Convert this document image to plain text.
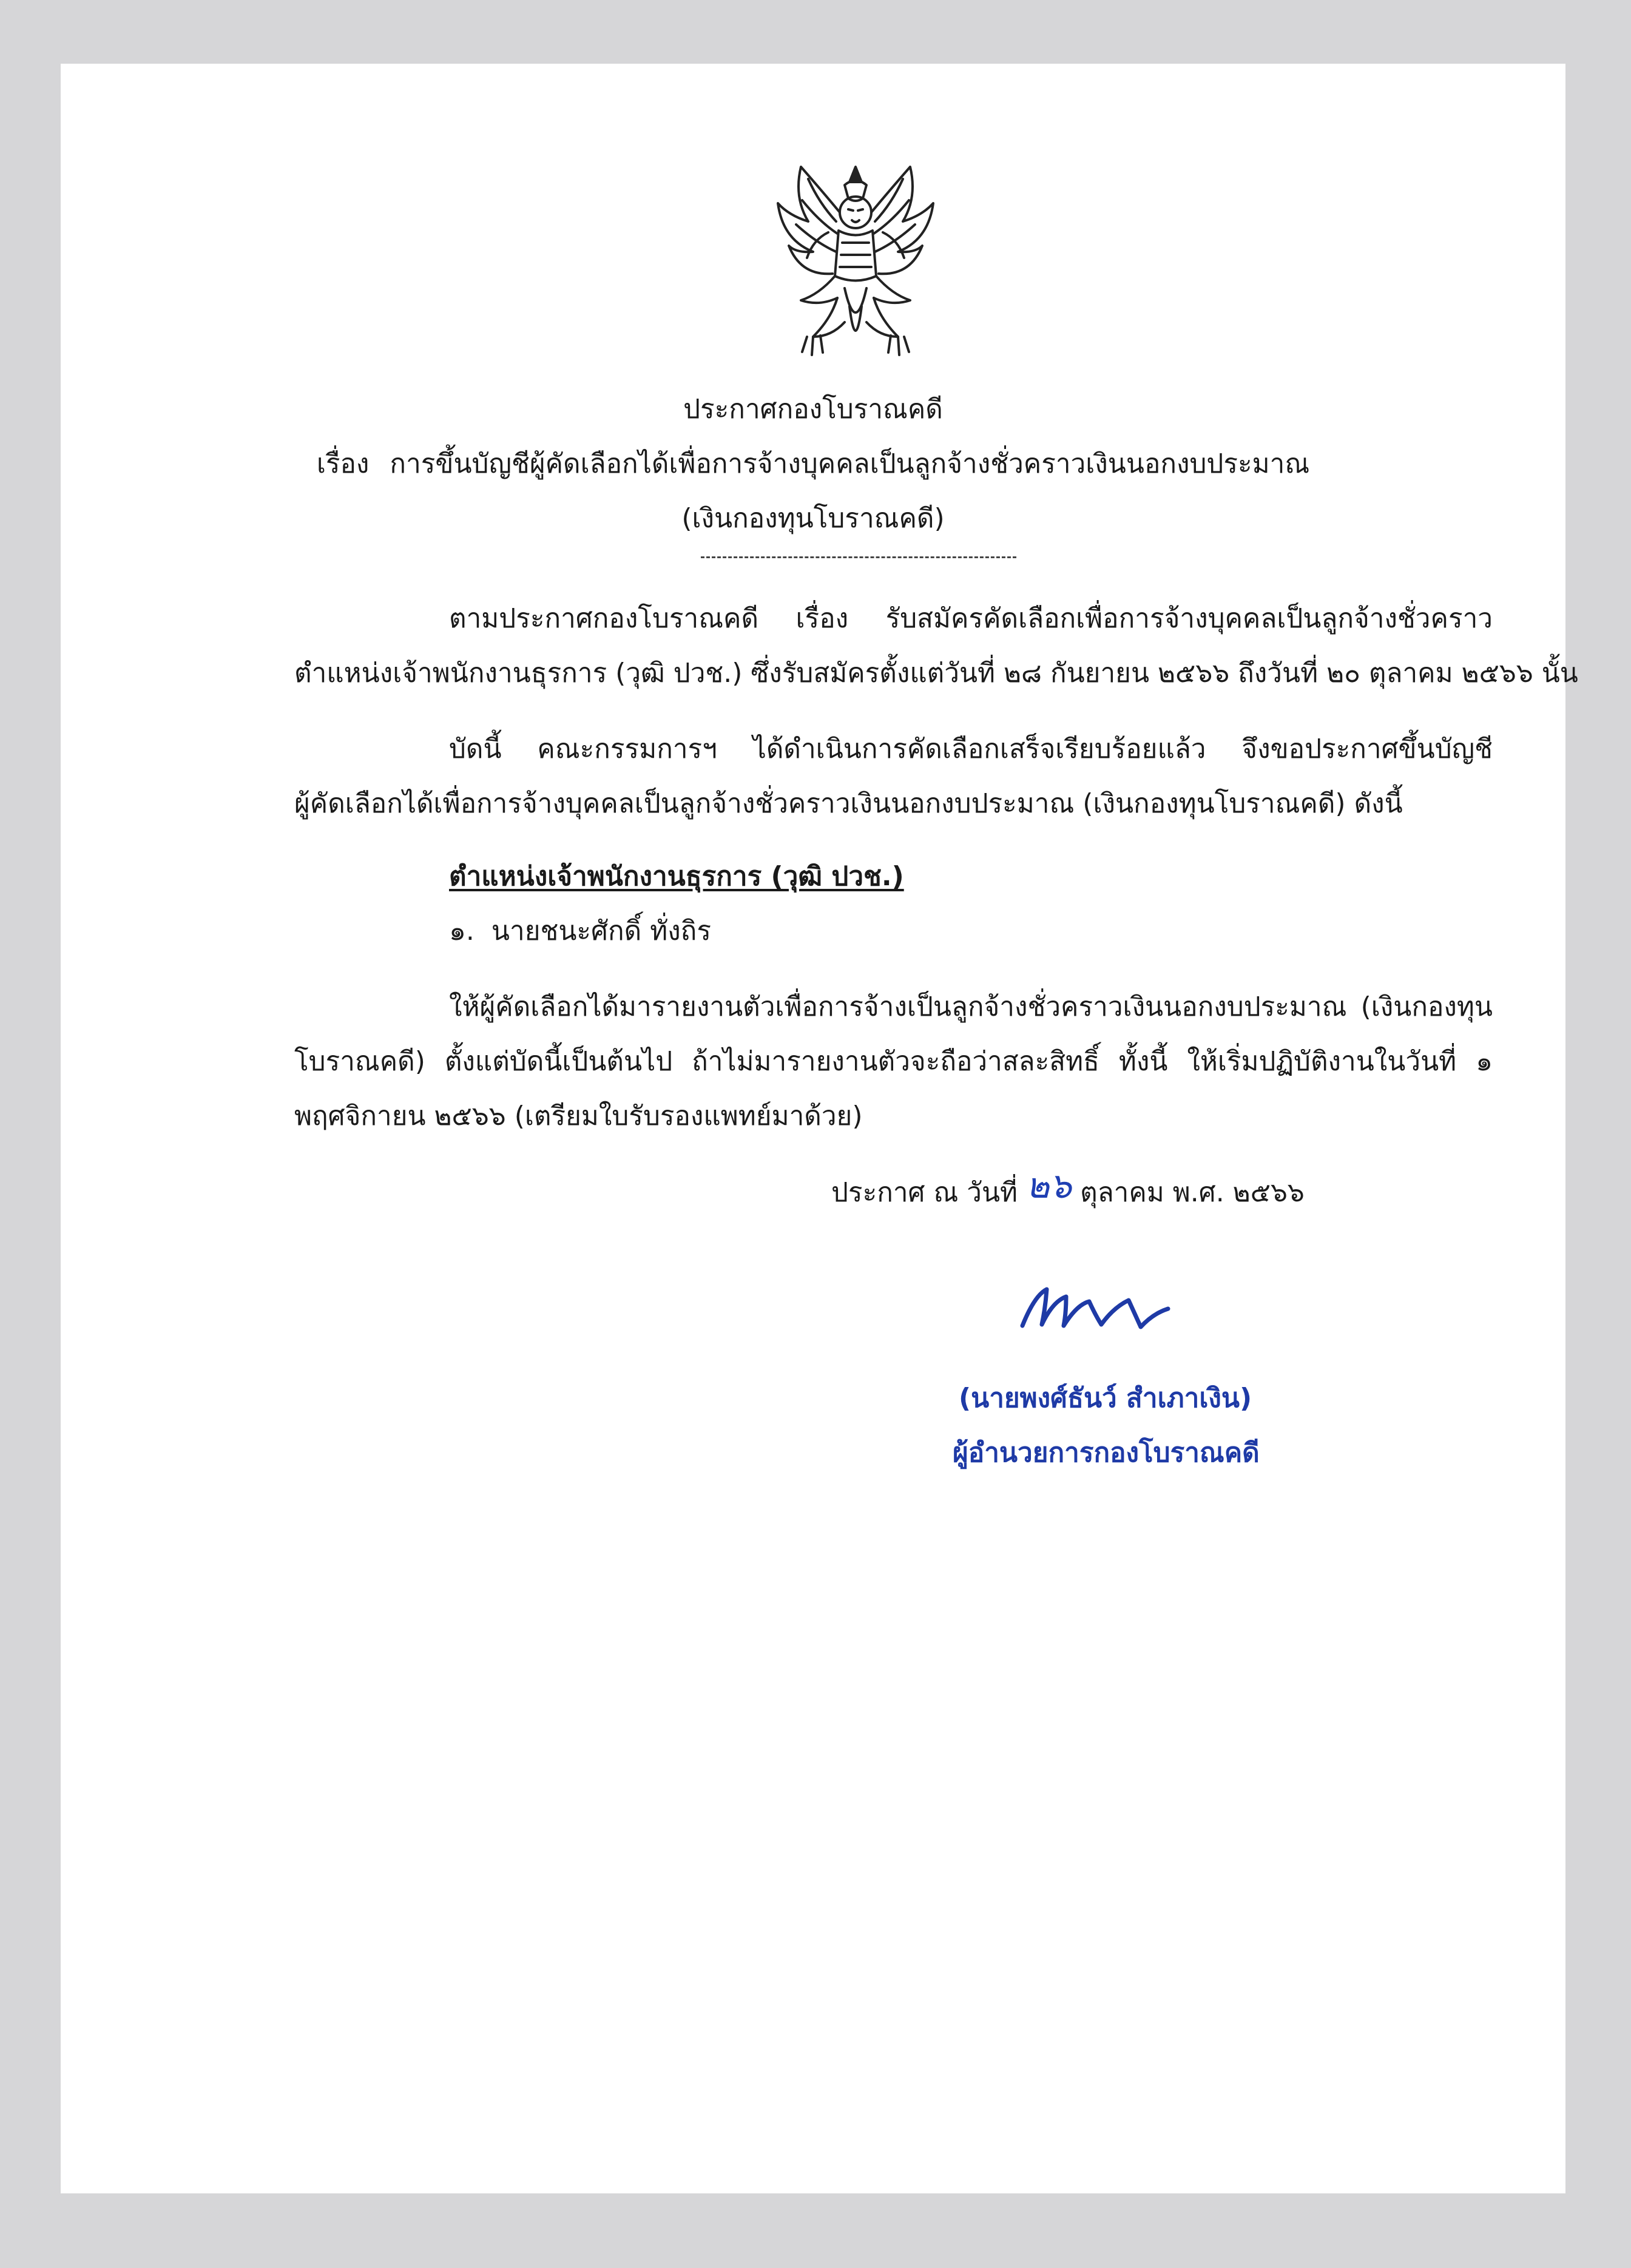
ประกาศกองโบราณคดี
เรื่อง การขึ้นบัญชีผู้คัดเลือกได้เพื่อการจ้างบุคคลเป็นลูกจ้างชั่วคราวเงินนอกงบประมาณ
(เงินกองทุนโบราณคดี)
ตามประกาศกองโบราณคดี เรื่อง รับสมัครคัดเลือกเพื่อการจ้างบุคคลเป็นลูกจ้างชั่วคราว
ตำแหน่งเจ้าพนักงานธุรการ (วุฒิ ปวช.) ซึ่งรับสมัครตั้งแต่วันที่ ๒๘ กันยายน ๒๕๖๖ ถึงวันที่ ๒๐ ตุลาคม ๒๕๖๖ นั้น
บัดนี้ คณะกรรมการฯ ได้ดำเนินการคัดเลือกเสร็จเรียบร้อยแล้ว จึงขอประกาศขึ้นบัญชี
ผู้คัดเลือกได้เพื่อการจ้างบุคคลเป็นลูกจ้างชั่วคราวเงินนอกงบประมาณ (เงินกองทุนโบราณคดี) ดังนี้
ตำแหน่งเจ้าพนักงานธุรการ (วุฒิ ปวช.)
๑. นายชนะศักดิ์ ทั่งถิร
ให้ผู้คัดเลือกได้มารายงานตัวเพื่อการจ้างเป็นลูกจ้างชั่วคราวเงินนอกงบประมาณ (เงินกองทุน
โบราณคดี) ตั้งแต่บัดนี้เป็นต้นไป ถ้าไม่มารายงานตัวจะถือว่าสละสิทธิ์ ทั้งนี้ ให้เริ่มปฏิบัติงานในวันที่ ๑
พฤศจิกายน ๒๕๖๖ (เตรียมใบรับรองแพทย์มาด้วย)
ประกาศ ณ วันที่ ๒๖ ตุลาคม พ.ศ. ๒๕๖๖
(นายพงศ์ธันว์ สำเภาเงิน)
ผู้อำนวยการกองโบราณคดี
